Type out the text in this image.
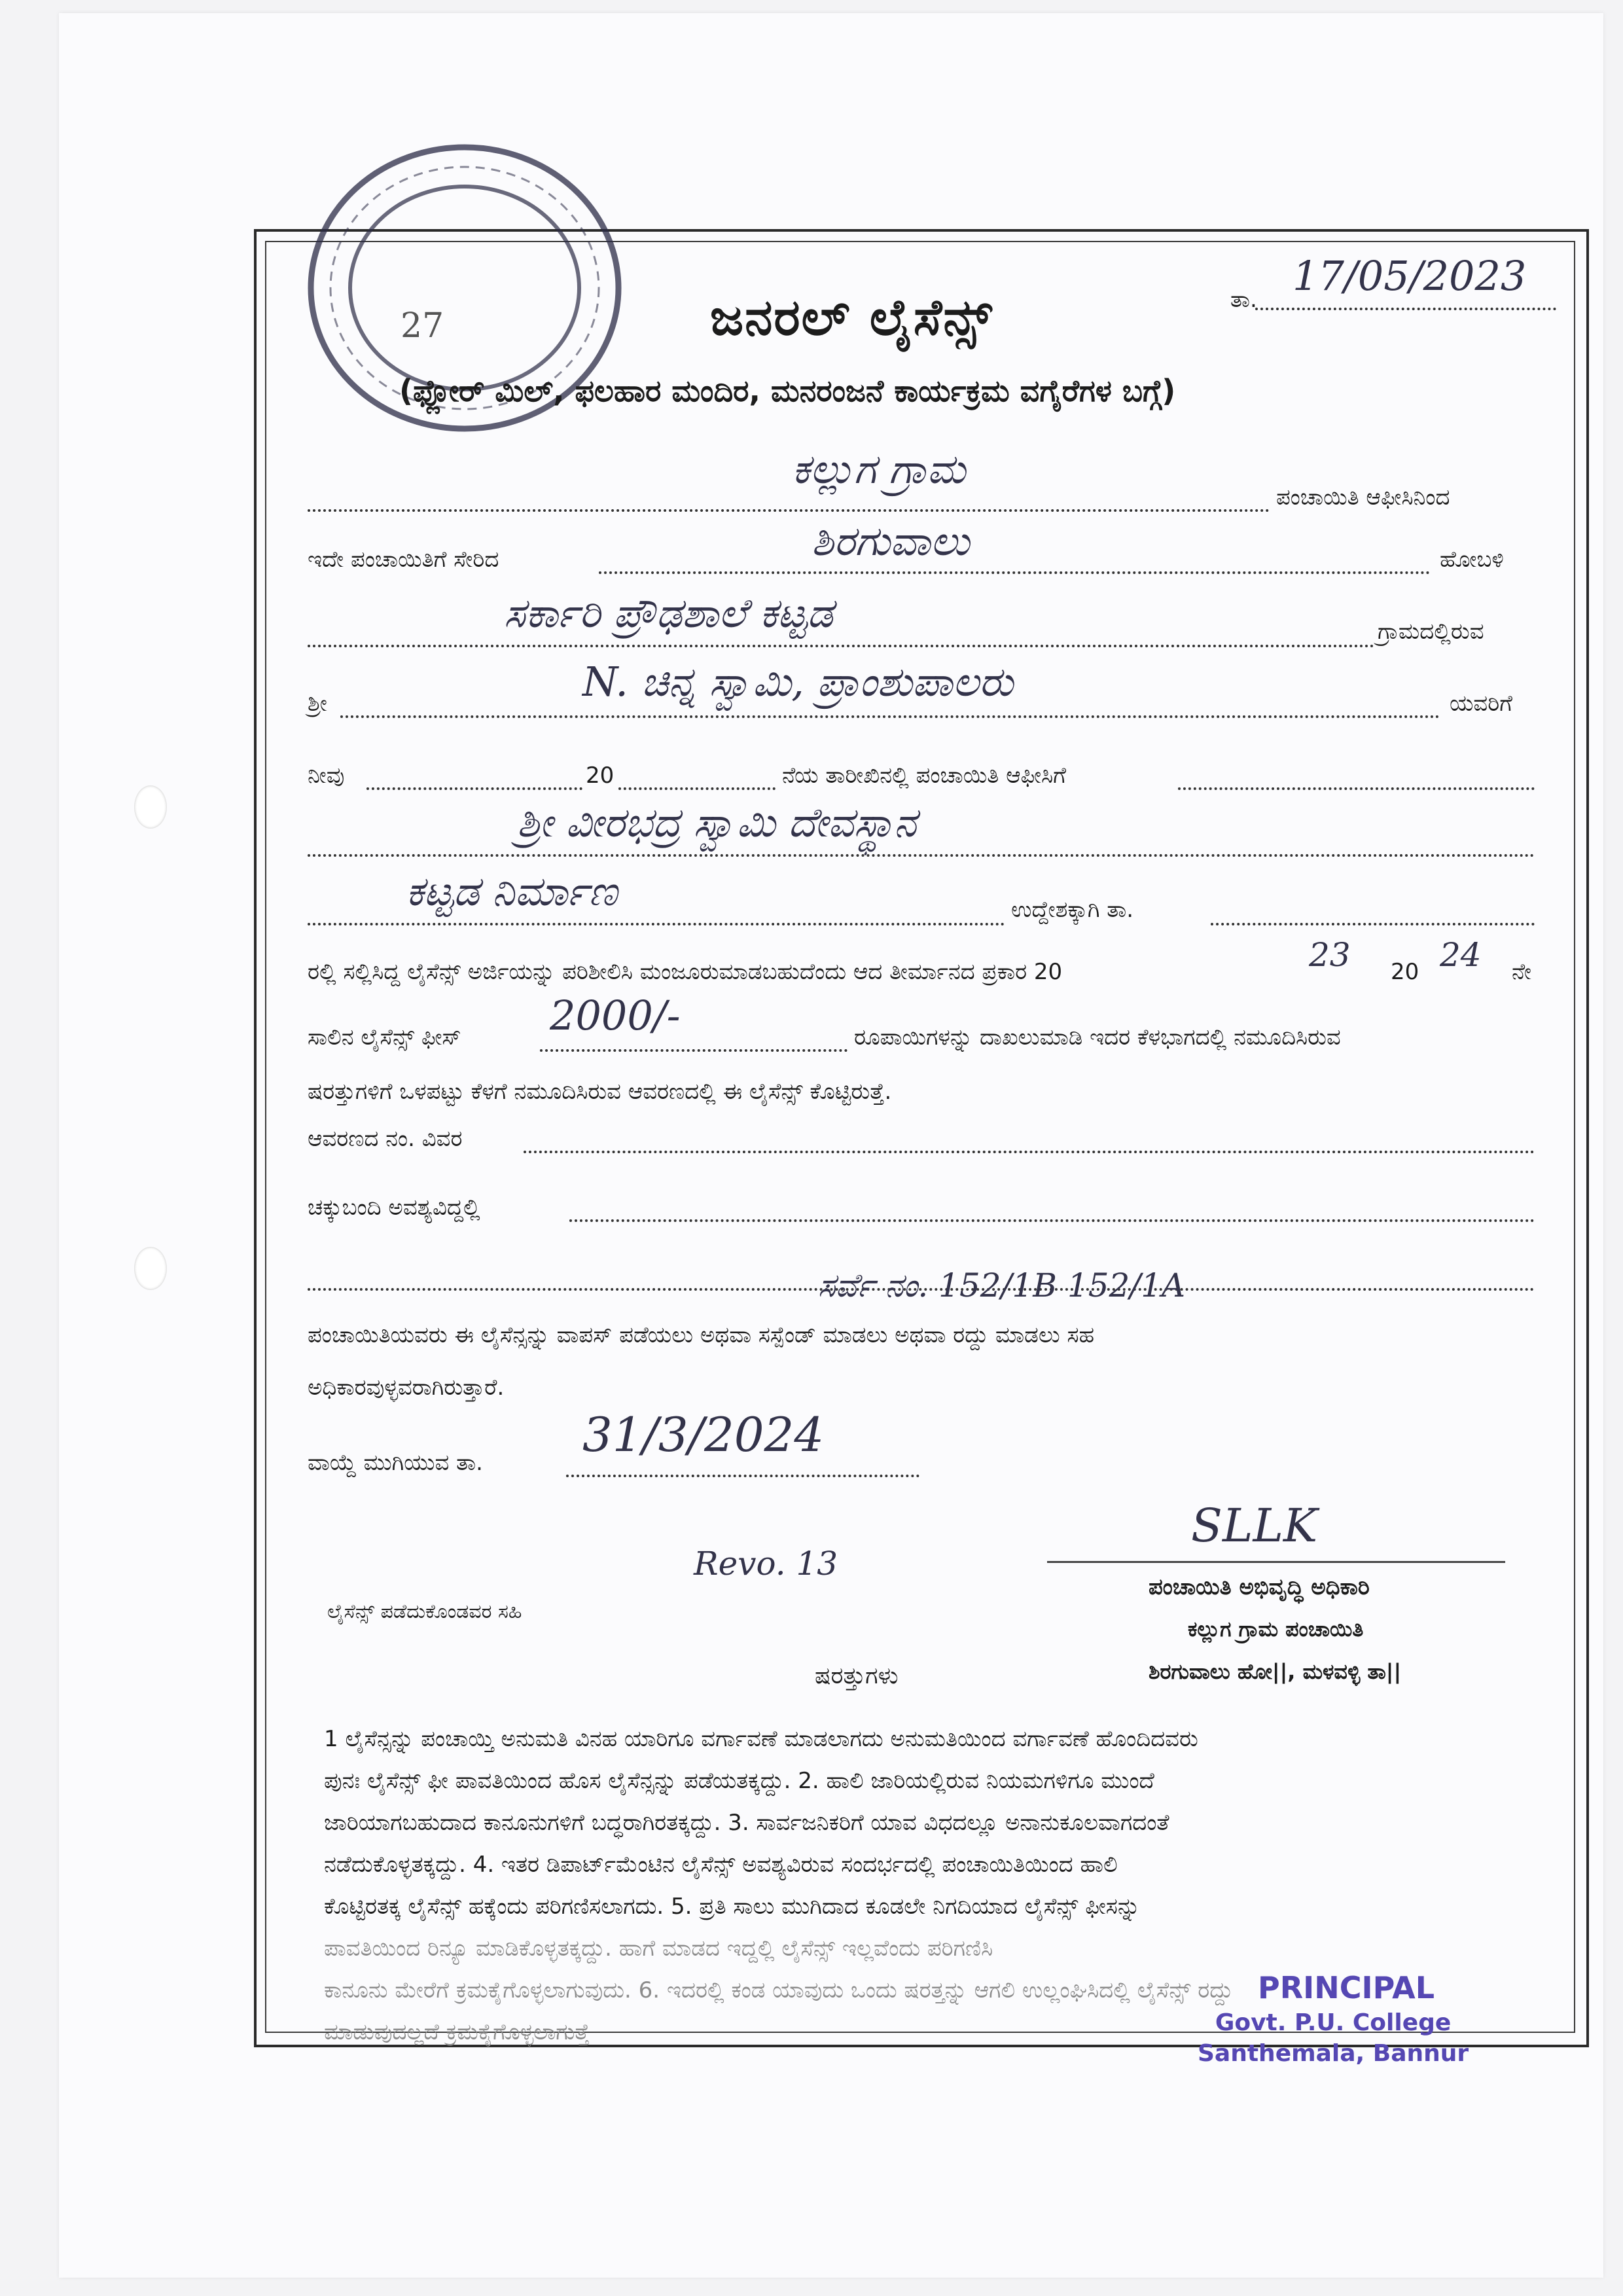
27	ಜನರಲ್ ಲೈಸೆನ್ಸ್	ತಾ. 17/05/2023
(ಫ್ಲೋರ್ ಮಿಲ್, ಫಲಹಾರ ಮಂದಿರ, ಮನರಂಜನೆ ಕಾರ್ಯಕ್ರಮ ವಗೈರೆಗಳ ಬಗ್ಗೆ)
ಕಲ್ಲುಗ ಗ್ರಾಮ
ಪಂಚಾಯಿತಿ ಆಫೀಸಿನಿಂದ
ಇದೇ ಪಂಚಾಯಿತಿಗೆ ಸೇರಿದ	ಶಿರಗುವಾಲು	ಹೋಬಳಿ
ಸರ್ಕಾರಿ ಪ್ರೌಢಶಾಲೆ ಕಟ್ಟಡ	ಗ್ರಾಮದಲ್ಲಿರುವ
ಶ್ರೀ	N. ಚಿನ್ನ ಸ್ವಾಮಿ, ಪ್ರಾಂಶುಪಾಲರು	ಯವರಿಗೆ
ನೀವು	20	ನೆಯ ತಾರೀಖಿನಲ್ಲಿ ಪಂಚಾಯಿತಿ ಆಫೀಸಿಗೆ
ಶ್ರೀ ವೀರಭದ್ರ ಸ್ವಾಮಿ ದೇವಸ್ಥಾನ
ಕಟ್ಟಡ ನಿರ್ಮಾಣ	ಉದ್ದೇಶಕ್ಕಾಗಿ ತಾ.
ರಲ್ಲಿ ಸಲ್ಲಿಸಿದ್ದ ಲೈಸೆನ್ಸ್ ಅರ್ಜಿಯನ್ನು ಪರಿಶೀಲಿಸಿ ಮಂಜೂರುಮಾಡಬಹುದೆಂದು ಆದ ತೀರ್ಮಾನದ ಪ್ರಕಾರ 20	23 20 24 ನೇ
ಸಾಲಿನ ಲೈಸೆನ್ಸ್ ಫೀಸ್ 2000/-	ರೂಪಾಯಿಗಳನ್ನು ದಾಖಲುಮಾಡಿ ಇದರ ಕೆಳಭಾಗದಲ್ಲಿ ನಮೂದಿಸಿರುವ
ಷರತ್ತುಗಳಿಗೆ ಒಳಪಟ್ಟು ಕೆಳಗೆ ನಮೂದಿಸಿರುವ ಆವರಣದಲ್ಲಿ ಈ ಲೈಸೆನ್ಸ್ ಕೊಟ್ಟಿರುತ್ತೆ.
ಆವರಣದ ನಂ. ವಿವರ
ಚಕ್ಕುಬಂದಿ ಅವಶ್ಯವಿದ್ದಲ್ಲಿ
ಸರ್ವೆ ನಂ. 152/1B 152/1A
ಪಂಚಾಯಿತಿಯವರು ಈ ಲೈಸೆನ್ಸನ್ನು ವಾಪಸ್ ಪಡೆಯಲು ಅಥವಾ ಸಸ್ಪೆಂಡ್ ಮಾಡಲು ಅಥವಾ ರದ್ದು ಮಾಡಲು ಸಹ
ಅಧಿಕಾರವುಳ್ಳವರಾಗಿರುತ್ತಾರೆ.
ವಾಯ್ದೆ ಮುಗಿಯುವ ತಾ.
31/3/2024
Revo. 13
ಲೈಸೆನ್ಸ್ ಪಡೆದುಕೊಂಡವರ ಸಹಿ
SLLK
ಪಂಚಾಯಿತಿ ಅಭಿವೃದ್ಧಿ ಅಧಿಕಾರಿ
ಕಲ್ಲುಗ ಗ್ರಾಮ ಪಂಚಾಯಿತಿ
ಶಿರಗುವಾಲು ಹೋ||, ಮಳವಳ್ಳಿ ತಾ||
ಷರತ್ತುಗಳು
1 ಲೈಸೆನ್ಸನ್ನು ಪಂಚಾಯ್ತಿ ಅನುಮತಿ ವಿನಹ ಯಾರಿಗೂ ವರ್ಗಾವಣೆ ಮಾಡಲಾಗದು ಅನುಮತಿಯಿಂದ ವರ್ಗಾವಣೆ ಹೊಂದಿದವರು
ಪುನಃ ಲೈಸೆನ್ಸ್ ಫೀ ಪಾವತಿಯಿಂದ ಹೊಸ ಲೈಸೆನ್ಸನ್ನು ಪಡೆಯತಕ್ಕದ್ದು. 2. ಹಾಲಿ ಜಾರಿಯಲ್ಲಿರುವ ನಿಯಮಗಳಿಗೂ ಮುಂದೆ
ಜಾರಿಯಾಗಬಹುದಾದ ಕಾನೂನುಗಳಿಗೆ ಬದ್ಧರಾಗಿರತಕ್ಕದ್ದು. 3. ಸಾರ್ವಜನಿಕರಿಗೆ ಯಾವ ವಿಧದಲ್ಲೂ ಅನಾನುಕೂಲವಾಗದಂತೆ
ನಡೆದುಕೊಳ್ಳತಕ್ಕದ್ದು. 4. ಇತರ ಡಿಪಾರ್ಟ್‌ಮೆಂಟಿನ ಲೈಸೆನ್ಸ್ ಅವಶ್ಯವಿರುವ ಸಂದರ್ಭದಲ್ಲಿ ಪಂಚಾಯಿತಿಯಿಂದ ಹಾಲಿ
ಕೊಟ್ಟಿರತಕ್ಕ ಲೈಸೆನ್ಸ್ ಹಕ್ಕೆಂದು ಪರಿಗಣಿಸಲಾಗದು. 5. ಪ್ರತಿ ಸಾಲು ಮುಗಿದಾದ ಕೂಡಲೇ ನಿಗದಿಯಾದ ಲೈಸೆನ್ಸ್ ಫೀಸನ್ನು
ಪಾವತಿಯಿಂದ ರಿನ್ಯೂ ಮಾಡಿಕೊಳ್ಳತಕ್ಕದ್ದು. ಹಾಗೆ ಮಾಡದ ಇದ್ದಲ್ಲಿ ಲೈಸೆನ್ಸ್ ಇಲ್ಲವೆಂದು ಪರಿಗಣಿಸಿ
ಕಾನೂನು ಮೇರೆಗೆ ಕ್ರಮಕೈಗೊಳ್ಳಲಾಗುವುದು. 6. ಇದರಲ್ಲಿ ಕಂಡ ಯಾವುದು ಒಂದು ಷರತ್ತನ್ನು ಆಗಲಿ ಉಲ್ಲಂಘಿಸಿದಲ್ಲಿ ಲೈಸೆನ್ಸ್ ರದ್ದು
ಮಾಡುವುದಲ್ಲದೆ ಕ್ರಮಕೈಗೊಳ್ಳಲಾಗುತ್ತೆ
PRINCIPAL
Govt. P.U. College
Santhemala, Bannur
